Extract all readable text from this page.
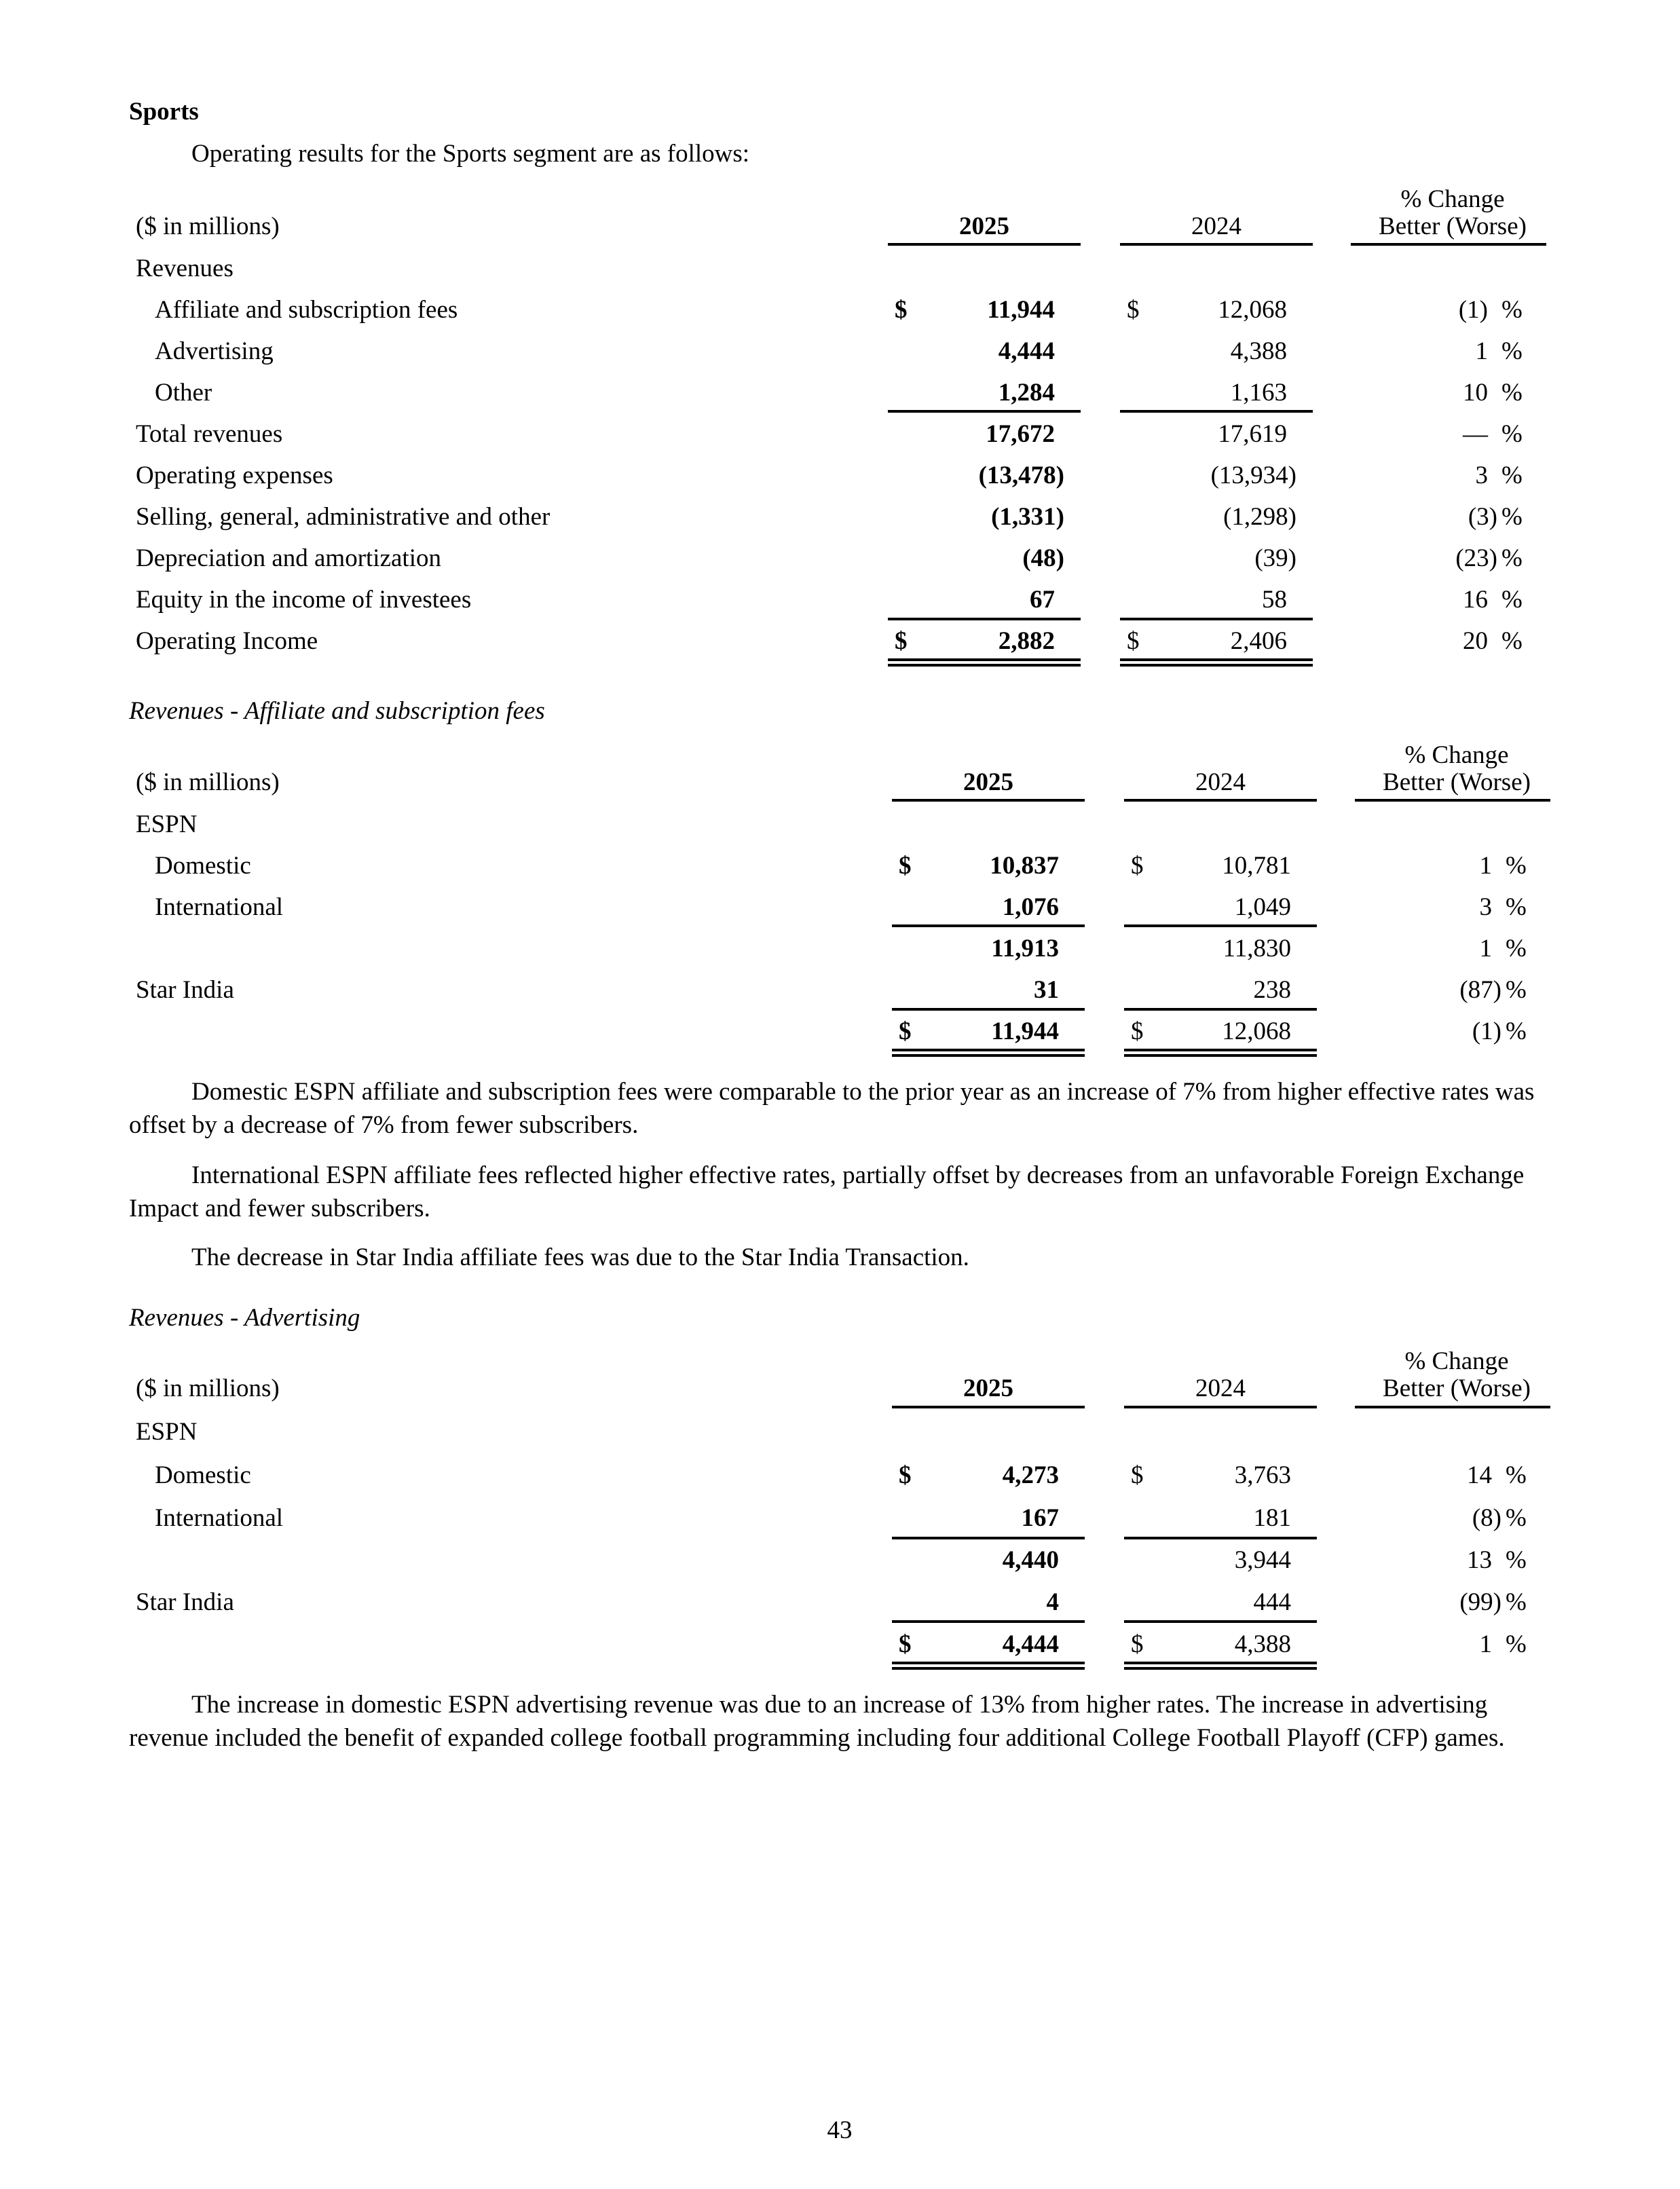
Sports
Operating results for the Sports segment are as follows:
% Change
Better (Worse)
($ in millions)	2025	2024
Revenues
Affiliate and subscription fees	$	11,944	$	12,068	(1) %
Advertising	4,444	4,388	1 %
Other	1,284	1,163	10 %
Total revenues	17,672	17,619	— %
Operating expenses	(13,478)	(13,934)	3 %
Selling, general, administrative and other	(1,331)	(1,298)	(3) %
Depreciation and amortization	(48)	(39)	(23) %
Equity in the income of investees	67	58	16 %
Operating Income	$	2,882	$	2,406	20 %
Revenues - Affiliate and subscription fees
% Change
Better (Worse)
($ in millions)	2025	2024
ESPN
Domestic	$	10,837	$	10,781	1 %
International	1,076	1,049	3 %
11,913	11,830	1 %
Star India	31	238	(87) %
$	11,944	$	12,068	(1) %

Domestic ESPN affiliate and subscription fees were comparable to the prior year as an increase of 7% from higher effective rates was offset by a decrease of 7% from fewer subscribers.

International ESPN affiliate fees reflected higher effective rates, partially offset by decreases from an unfavorable Foreign Exchange Impact and fewer subscribers.

The decrease in Star India affiliate fees was due to the Star India Transaction.

Revenues - Advertising
% Change
Better (Worse)
($ in millions)	2025	2024
ESPN
Domestic	$	4,273	$	3,763	14 %
International	167	181	(8) %
4,440	3,944	13 %
Star India	4	444	(99) %
$	4,444	$	4,388	1 %

The increase in domestic ESPN advertising revenue was due to an increase of 13% from higher rates. The increase in advertising revenue included the benefit of expanded college football programming including four additional College Football Playoff (CFP) games.

43
